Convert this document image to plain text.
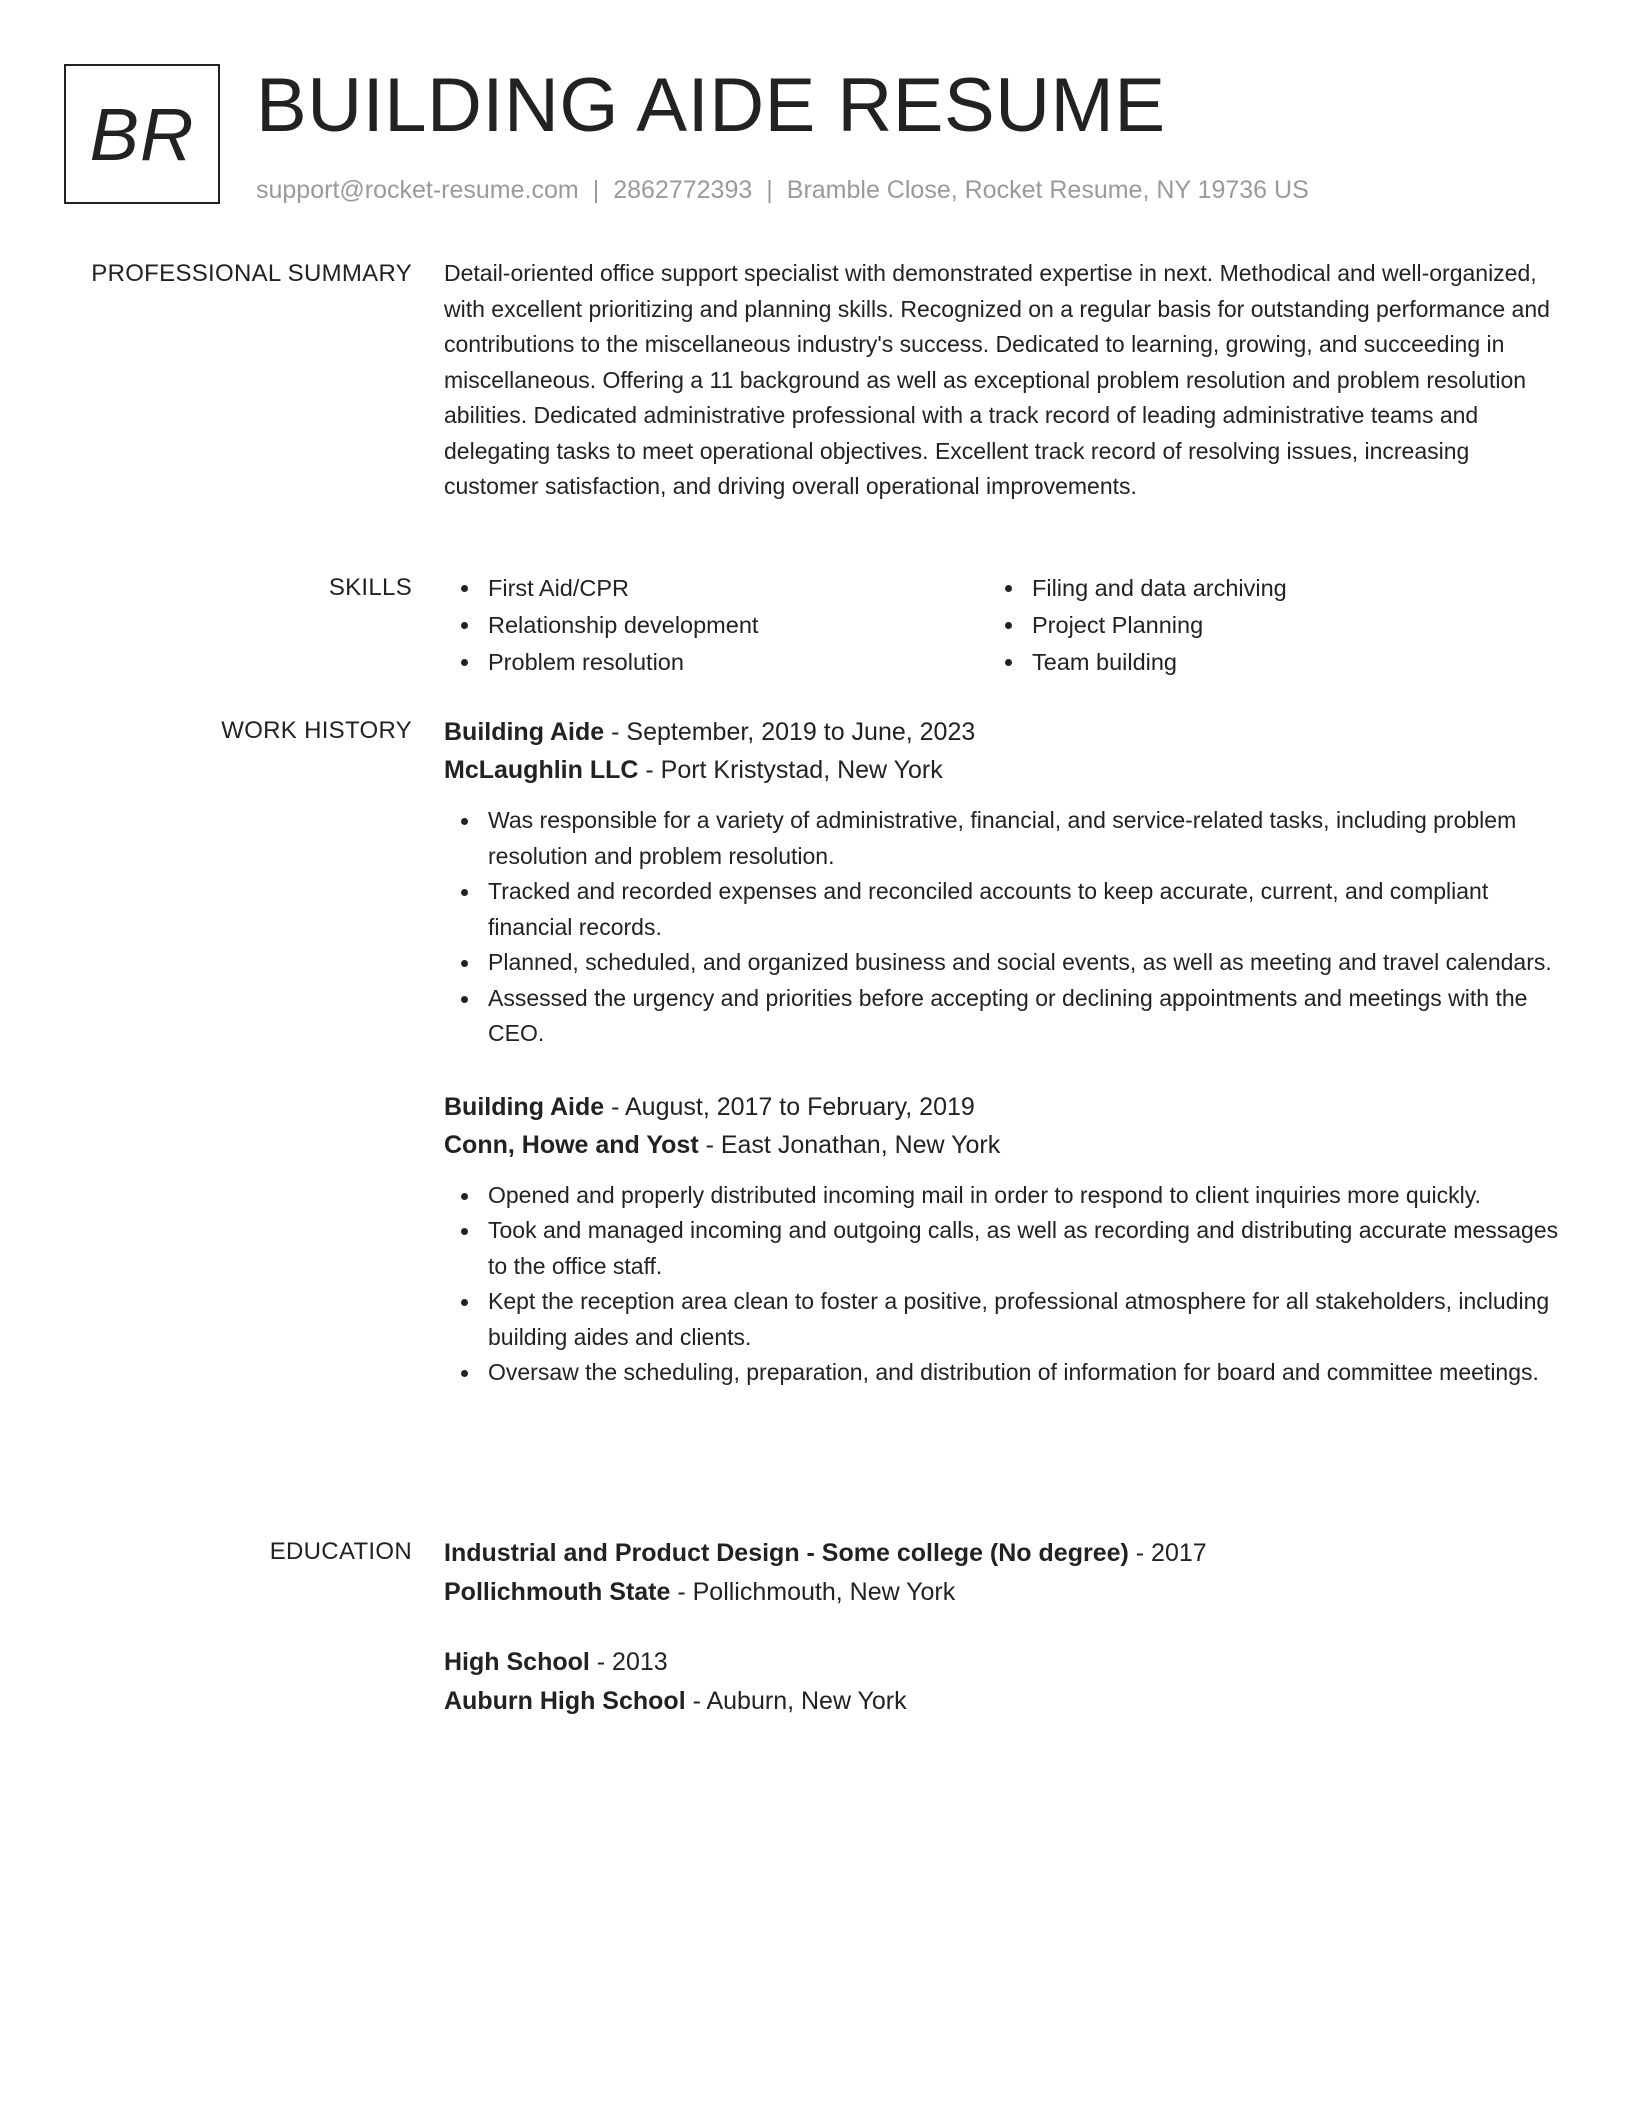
BR BUILDING AIDE RESUME
support@rocket-resume.com | 2862772393 | Bramble Close, Rocket Resume, NY 19736 US
PROFESSIONAL SUMMARY Detail-oriented office support specialist with demonstrated expertise in next. Methodical and well-organized, with excellent prioritizing and planning skills. Recognized on a regular basis for outstanding performance and contributions to the miscellaneous industry's success. Dedicated to learning, growing, and succeeding in miscellaneous. Offering a 11 background as well as exceptional problem resolution and problem resolution abilities. Dedicated administrative professional with a track record of leading administrative teams and delegating tasks to meet operational objectives. Excellent track record of resolving issues, increasing customer satisfaction, and driving overall operational improvements.
SKILLS	First Aid/CPR	Filing and data archiving
Relationship development	Project Planning
Problem resolution	Team building
WORK HISTORY Building Aide - September, 2019 to June, 2023
McLaughlin LLC - Port Kristystad, New York
Was responsible for a variety of administrative, financial, and service-related tasks, including problem resolution and problem resolution.
Tracked and recorded expenses and reconciled accounts to keep accurate, current, and compliant financial records.
Planned, scheduled, and organized business and social events, as well as meeting and travel calendars.
Assessed the urgency and priorities before accepting or declining appointments and meetings with the CEO.
Building Aide - August, 2017 to February, 2019
Conn, Howe and Yost - East Jonathan, New York
Opened and properly distributed incoming mail in order to respond to client inquiries more quickly.
Took and managed incoming and outgoing calls, as well as recording and distributing accurate messages to the office staff.
Kept the reception area clean to foster a positive, professional atmosphere for all stakeholders, including building aides and clients.
Oversaw the scheduling, preparation, and distribution of information for board and committee meetings.
EDUCATION Industrial and Product Design - Some college (No degree) - 2017
Pollichmouth State - Pollichmouth, New York
High School - 2013
Auburn High School - Auburn, New York
